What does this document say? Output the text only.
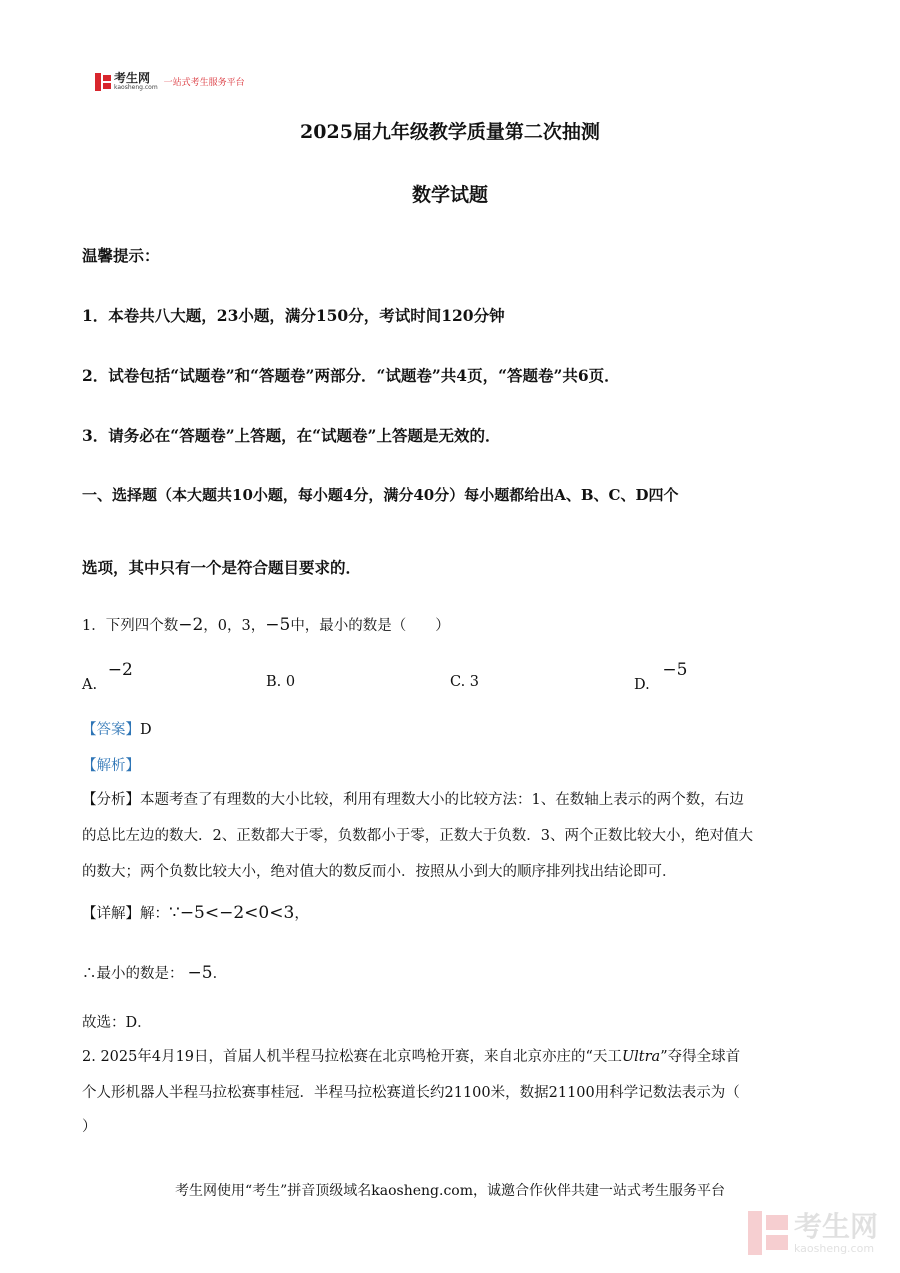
考生网
kaosheng.com 一站式考生服务平台
2025届九年级教学质量第二次抽测
数学试题
温馨提示：
1．本卷共八大题，23小题，满分150分，考试时间120分钟
2．试卷包括“试题卷”和“答题卷”两部分．“试题卷”共4页，“答题卷”共6页．
3．请务必在“答题卷”上答题，在“试题卷”上答题是无效的．
一、选择题（本大题共10小题，每小题4分，满分40分）每小题都给出A、B、C、D四个
选项，其中只有一个是符合题目要求的．
1．下列四个数 −2 ，0，3， −5 中，最小的数是（　　）
A. −2
B. 0	C. 3	D. −5
【答案】D
【解析】
【分析】本题考查了有理数的大小比较，利用有理数大小的比较方法：1、在数轴上表示的两个数，右边
的总比左边的数大．2、正数都大于零，负数都小于零，正数大于负数．3、两个正数比较大小，绝对值大
的数大；两个负数比较大小，绝对值大的数反而小．按照从小到大的顺序排列找出结论即可．
【详解】解： ∵−5<−2<0<3 ，
∴最小的数是： −5 ．
故选：D．
2. 2025年4月19日，首届人机半程马拉松赛在北京鸣枪开赛，来自北京亦庄的“天工Ultra”夺得全球首
个人形机器人半程马拉松赛事桂冠．半程马拉松赛道长约21100米，数据21100用科学记数法表示为（
）
考生网使用“考生”拼音顶级域名kaosheng.com，诚邀合作伙伴共建一站式考生服务平台
考生网
kaosheng.com
